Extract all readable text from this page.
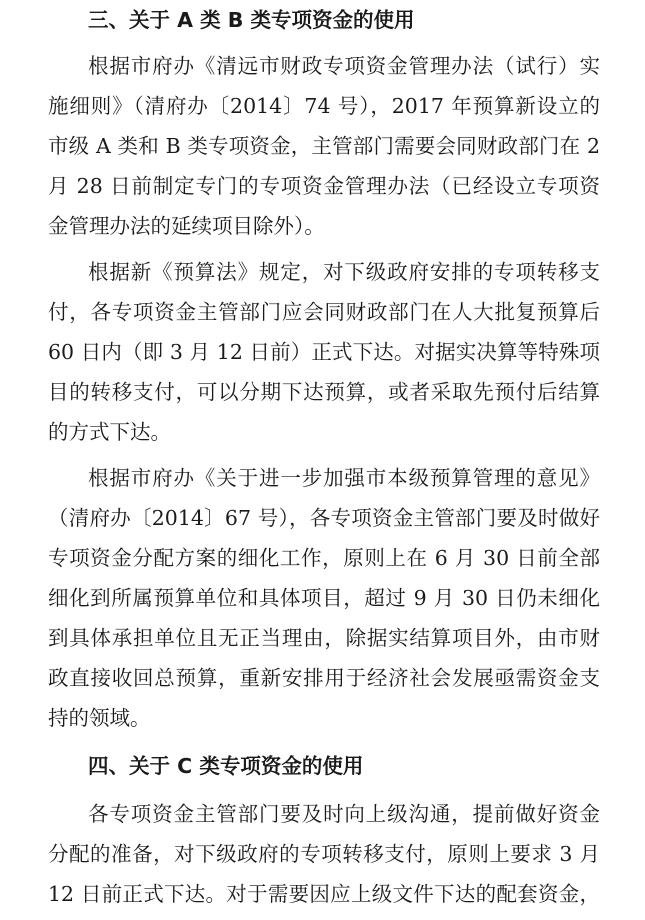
三、关于 A 类 B 类专项资金的使用
根据市府办《清远市财政专项资金管理办法（试行）实
施细则》（清府办〔2014〕74 号），2017 年预算新设立的
市级 A 类和 B 类专项资金，主管部门需要会同财政部门在 2
月 28 日前制定专门的专项资金管理办法（已经设立专项资
金管理办法的延续项目除外）。
根据新《预算法》规定，对下级政府安排的专项转移支
付，各专项资金主管部门应会同财政部门在人大批复预算后
60 日内（即 3 月 12 日前）正式下达。对据实决算等特殊项
目的转移支付，可以分期下达预算，或者采取先预付后结算
的方式下达。
根据市府办《关于进一步加强市本级预算管理的意见》
（清府办〔2014〕67 号），各专项资金主管部门要及时做好
专项资金分配方案的细化工作，原则上在 6 月 30 日前全部
细化到所属预算单位和具体项目，超过 9 月 30 日仍未细化
到具体承担单位且无正当理由，除据实结算项目外，由市财
政直接收回总预算，重新安排用于经济社会发展亟需资金支
持的领域。
四、关于 C 类专项资金的使用
各专项资金主管部门要及时向上级沟通，提前做好资金
分配的准备，对下级政府的专项转移支付，原则上要求 3 月
12 日前正式下达。对于需要因应上级文件下达的配套资金，
